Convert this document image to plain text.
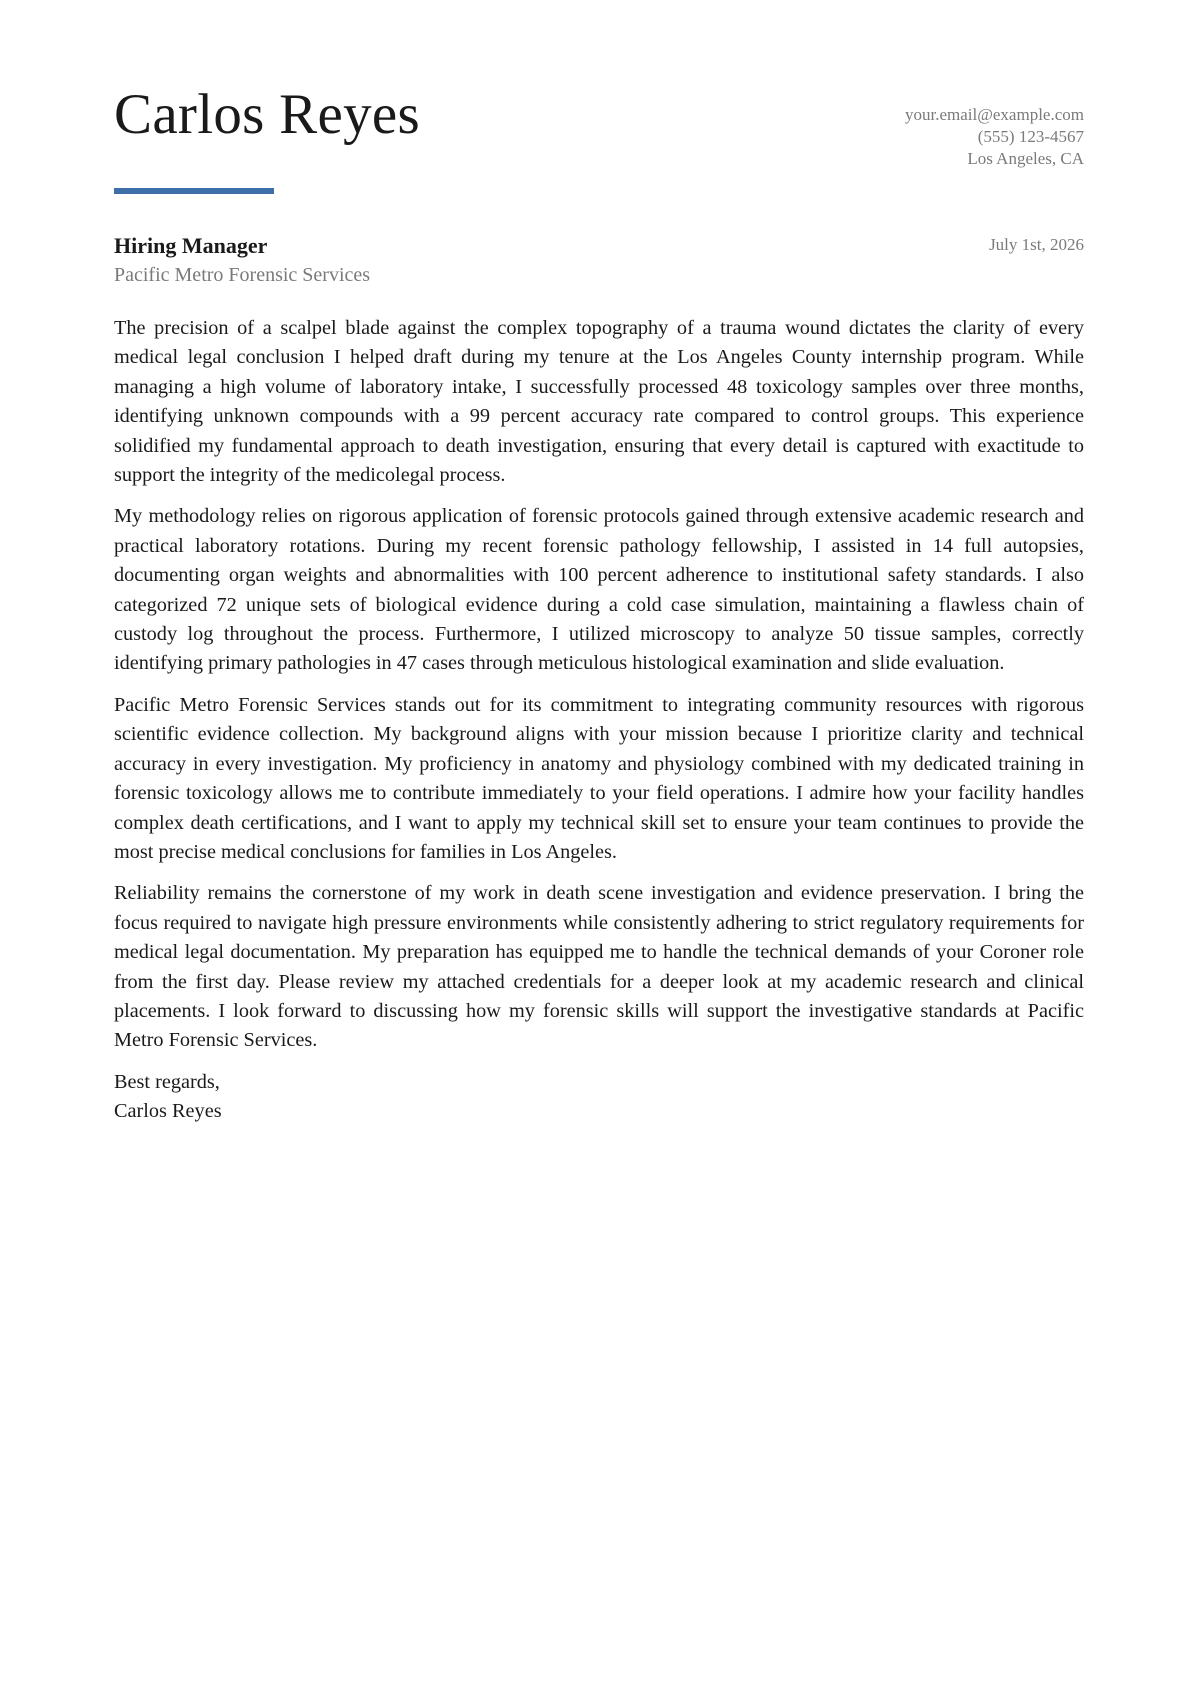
Carlos Reyes	your.email@example.com
(555) 123-4567
Los Angeles, CA
Hiring Manager
Pacific Metro Forensic Services
July 1st, 2026

The precision of a scalpel blade against the complex topography of a trauma wound dictates the clarity of every medical legal conclusion I helped draft during my tenure at the Los Angeles County internship program. While managing a high volume of laboratory intake, I successfully processed 48 toxicology samples over three months, identifying unknown compounds with a 99 percent accuracy rate compared to control groups. This experience solidified my fundamental approach to death investigation, ensuring that every detail is captured with exactitude to support the integrity of the medicolegal process.

My methodology relies on rigorous application of forensic protocols gained through extensive academic research and practical laboratory rotations. During my recent forensic pathology fellowship, I assisted in 14 full autopsies, documenting organ weights and abnormalities with 100 percent adherence to institutional safety standards. I also categorized 72 unique sets of biological evidence during a cold case simulation, maintaining a flawless chain of custody log throughout the process. Furthermore, I utilized microscopy to analyze 50 tissue samples, correctly identifying primary pathologies in 47 cases through meticulous histological examination and slide evaluation.

Pacific Metro Forensic Services stands out for its commitment to integrating community resources with rigorous scientific evidence collection. My background aligns with your mission because I prioritize clarity and technical accuracy in every investigation. My proficiency in anatomy and physiology combined with my dedicated training in forensic toxicology allows me to contribute immediately to your field operations. I admire how your facility handles complex death certifications, and I want to apply my technical skill set to ensure your team continues to provide the most precise medical conclusions for families in Los Angeles.

Reliability remains the cornerstone of my work in death scene investigation and evidence preservation. I bring the focus required to navigate high pressure environments while consistently adhering to strict regulatory requirements for medical legal documentation. My preparation has equipped me to handle the technical demands of your Coroner role from the first day. Please review my attached credentials for a deeper look at my academic research and clinical placements. I look forward to discussing how my forensic skills will support the investigative standards at Pacific Metro Forensic Services.

Best regards,
Carlos Reyes
